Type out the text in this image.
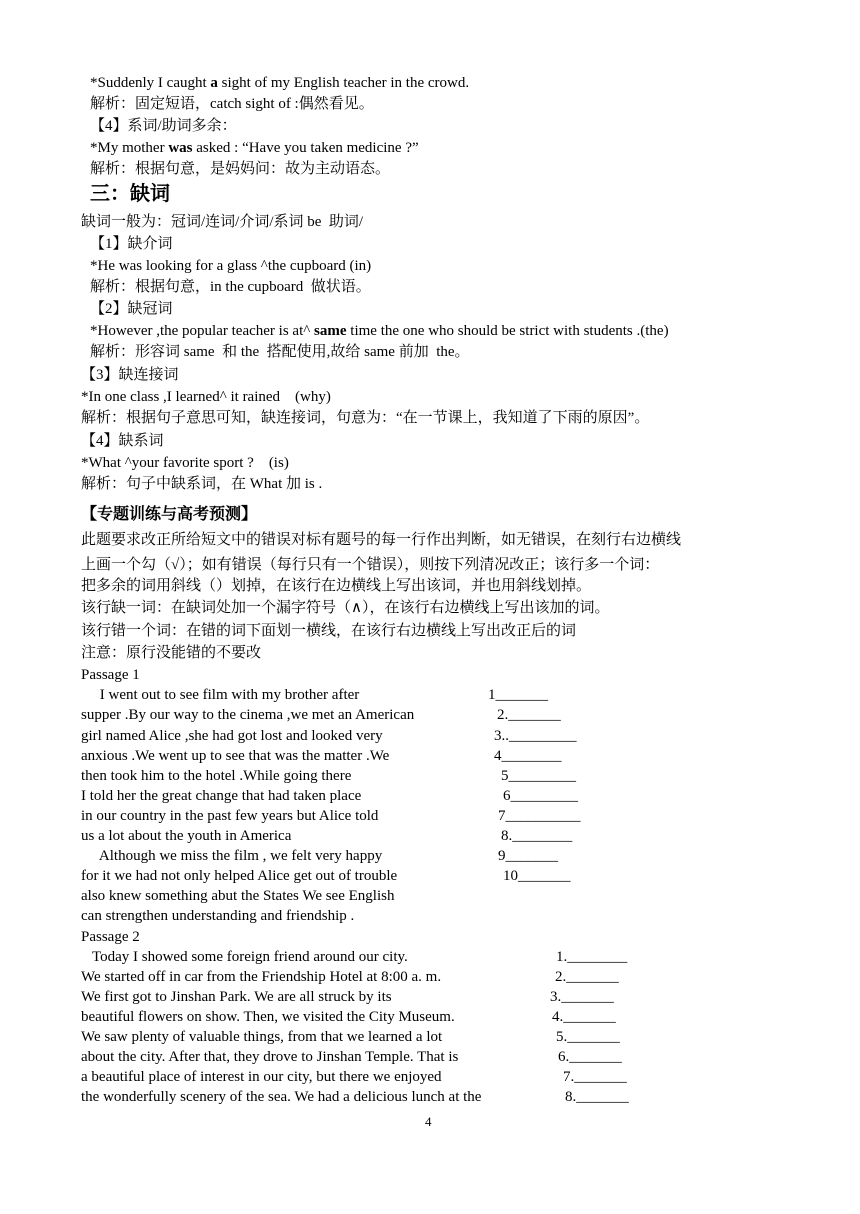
*Suddenly I caught a sight of my English teacher in the crowd.
解析：固定短语，catch sight of :偶然看见。
【4】系词/助词多余：
*My mother was asked : “Have you taken medicine ?”
解析：根据句意，是妈妈问：故为主动语态。
三：缺词
缺词一般为：冠词/连词/介词/系词 be  助词/
【1】缺介词
*He was looking for a glass ^the cupboard (in)
解析：根据句意，in the cupboard  做状语。
【2】缺冠词
*However ,the popular teacher is at^ same time the one who should be strict with students .(the)
解析：形容词 same  和 the  搭配使用,故给 same 前加  the。
【3】缺连接词
*In one class ,I learned^ it rained    (why)
解析：根据句子意思可知，缺连接词，句意为：“在一节课上，我知道了下雨的原因”。
【4】缺系词
*What ^your favorite sport ?    (is)
解析：句子中缺系词，在 What 加 is .
【专题训练与高考预测】
此题要求改正所给短文中的错误对标有题号的每一行作出判断，如无错误，在刻行右边横线
上画一个勾（√）；如有错误（每行只有一个错误），则按下列清况改正；该行多一个词：
把多余的词用斜线（）划掉，在该行在边横线上写出该词，并也用斜线划掉。
该行缺一词：在缺词处加一个漏字符号（∧），在该行右边横线上写出该加的词。
该行错一个词：在错的词下面划一横线，在该行右边横线上写出改正后的词
注意：原行没能错的不要改
Passage 1
I went out to see film with my brother after	1_______
supper .By our way to the cinema ,we met an American	2._______
girl named Alice ,she had got lost and looked very	3.._________
anxious .We went up to see that was the matter .We	4________
then took him to the hotel .While going there	5_________
I told her the great change that had taken place	6_________
in our country in the past few years but Alice told	7__________
us a lot about the youth in America	8.________
Although we miss the film , we felt very happy	9_______
for it we had not only helped Alice get out of trouble	10_______
also knew something abut the States We see English
can strengthen understanding and friendship .
Passage 2
Today I showed some foreign friend around our city.	1.________
We started off in car from the Friendship Hotel at 8:00 a. m.	2._______
We first got to Jinshan Park. We are all struck by its	3._______
beautiful flowers on show. Then, we visited the City Museum.	4._______
We saw plenty of valuable things, from that we learned a lot	5._______
about the city. After that, they drove to Jinshan Temple. That is	6._______
a beautiful place of interest in our city, but there we enjoyed	7._______
the wonderfully scenery of the sea. We had a delicious lunch at the	8._______
4
